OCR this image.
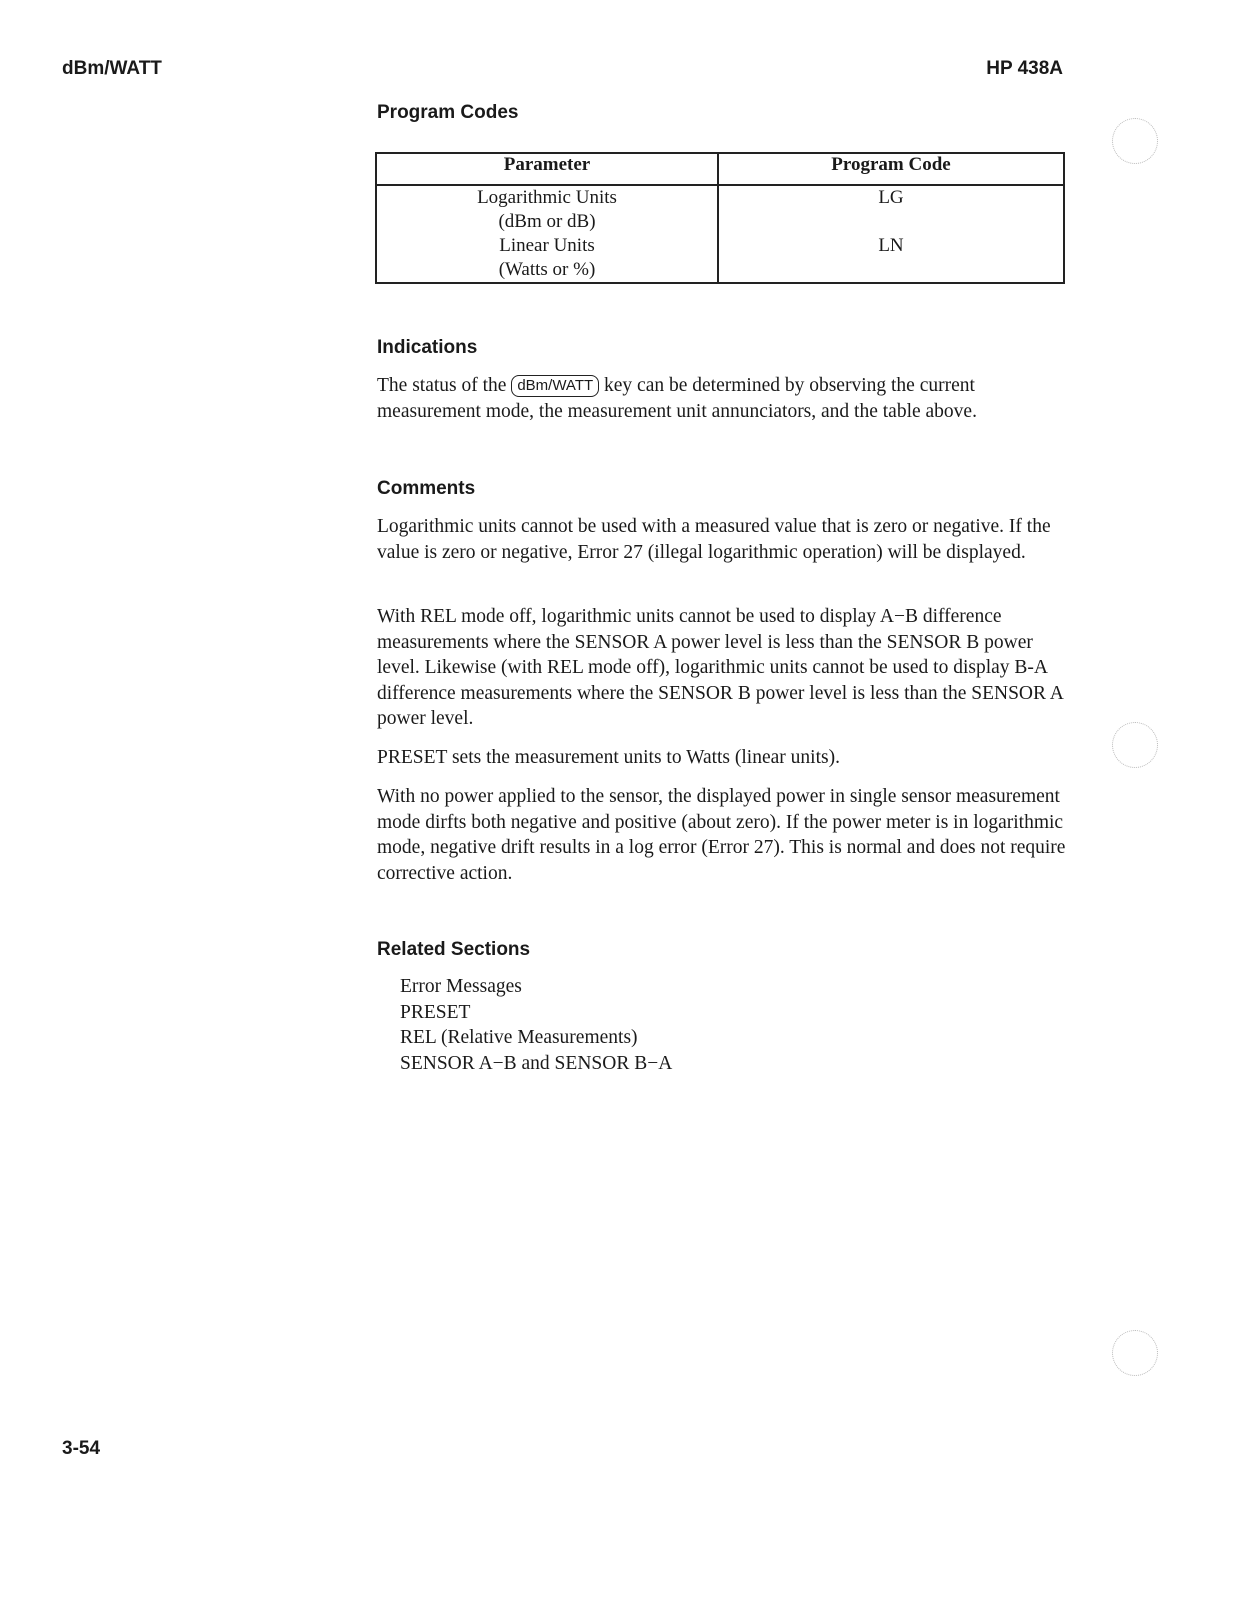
dBm/WATT	HP 438A
Program Codes
Parameter	Program Code

Logarithmic Units
(dBm or dB)	LG

Linear Units
(Watts or %)	LN
Indications

The status of the dBm/WATT key can be determined by observing the current measurement mode, the measurement unit annunciators, and the table above.

Comments

Logarithmic units cannot be used with a measured value that is zero or negative. If the value is zero or negative, Error 27 (illegal logarithmic operation) will be displayed.

With REL mode off, logarithmic units cannot be used to display A−B difference measurements where the SENSOR A power level is less than the SENSOR B power level. Likewise (with REL mode off), logarithmic units cannot be used to display B-A difference measurements where the SENSOR B power level is less than the SENSOR A power level.

PRESET sets the measurement units to Watts (linear units).

With no power applied to the sensor, the displayed power in single sensor measurement mode dirfts both negative and positive (about zero). If the power meter is in logarithmic mode, negative drift results in a log error (Error 27). This is normal and does not require corrective action.

Related Sections
Error Messages
PRESET
REL (Relative Measurements)
SENSOR A−B and SENSOR B−A
3-54
